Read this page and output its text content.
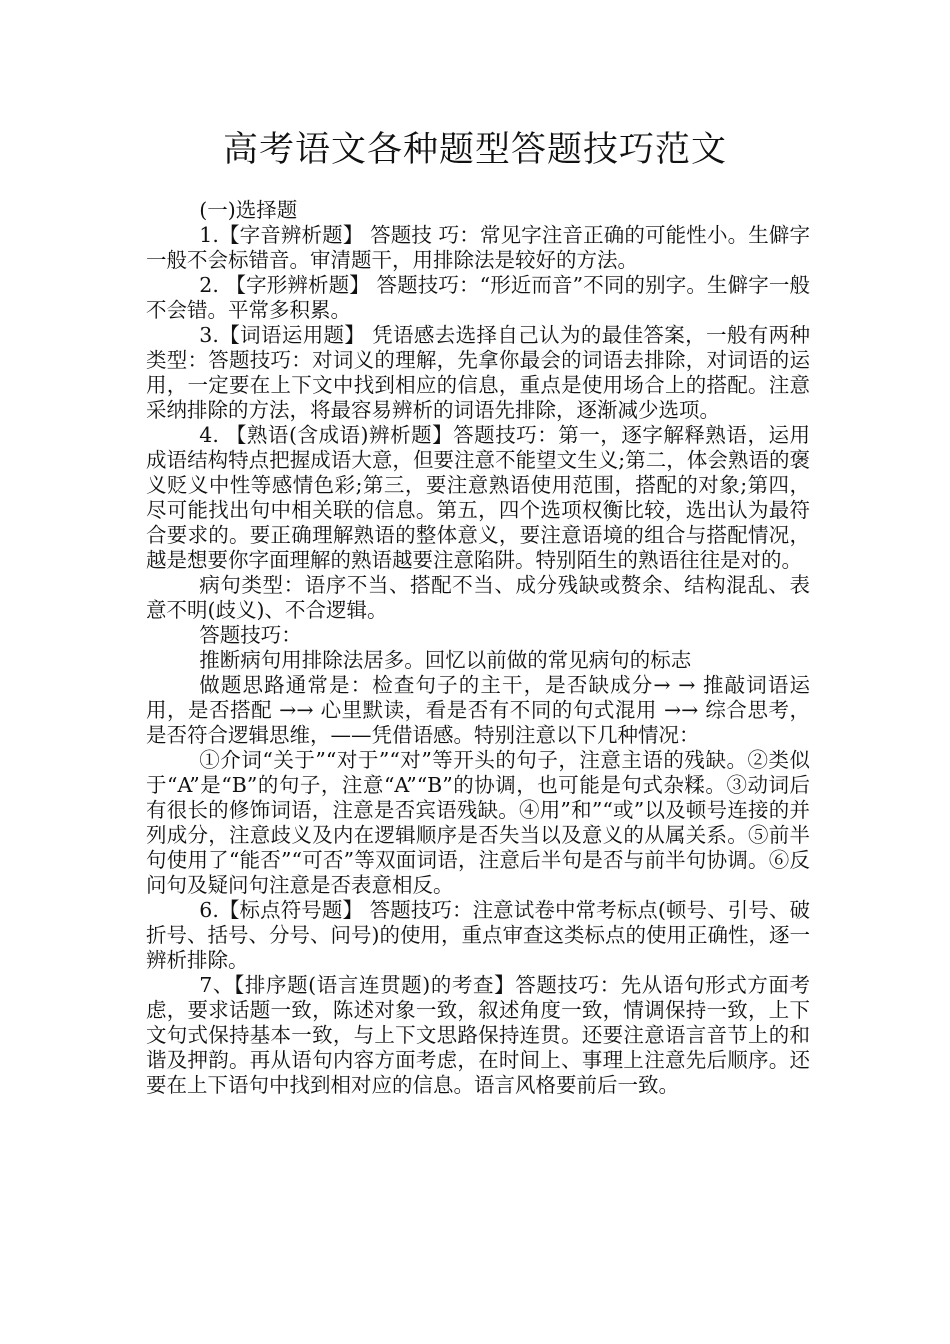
高考语文各种题型答题技巧范文

(一)选择题

1.【字音辨析题】 答题技 巧：常见字注音正确的可能性小。生僻字一般不会标错音。审清题干，用排除法是较好的方法。

2. 【字形辨析题】 答题技巧：“形近而音”不同的别字。生僻字一般不会错。平常多积累。

3.【词语运用题】 凭语感去选择自己认为的最佳答案，一般有两种类型：答题技巧：对词义的理解，先拿你最会的词语去排除，对词语的运用，一定要在上下文中找到相应的信息，重点是使用场合上的搭配。注意采纳排除的方法，将最容易辨析的词语先排除，逐渐减少选项。

4. 【熟语(含成语)辨析题】答题技巧：第一，逐字解释熟语，运用成语结构特点把握成语大意，但要注意不能望文生义;第二，体会熟语的褒义贬义中性等感情色彩;第三，要注意熟语使用范围，搭配的对象;第四，尽可能找出句中相关联的信息。第五，四个选项权衡比较，选出认为最符合要求的。要正确理解熟语的整体意义，要注意语境的组合与搭配情况，越是想要你字面理解的熟语越要注意陷阱。特别陌生的熟语往往是对的。

病句类型：语序不当、搭配不当、成分残缺或赘余、结构混乱、表意不明(歧义)、不合逻辑。

答题技巧：

推断病句用排除法居多。回忆以前做的常见病句的标志

做题思路通常是：检查句子的主干，是否缺成分→ → 推敲词语运用，是否搭配 →→ 心里默读，看是否有不同的句式混用 →→ 综合思考，是否符合逻辑思维，——凭借语感。特别注意以下几种情况：

①介词“关于”“对于”“对”等开头的句子，注意主语的残缺。②类似于“A”是“B”的句子，注意“A”“B”的协调，也可能是句式杂糅。③动词后有很长的修饰词语，注意是否宾语残缺。④用”和”“或”以及顿号连接的并列成分，注意歧义及内在逻辑顺序是否失当以及意义的从属关系。⑤前半句使用了“能否”“可否”等双面词语，注意后半句是否与前半句协调。⑥反问句及疑问句注意是否表意相反。

6.【标点符号题】 答题技巧：注意试卷中常考标点(顿号、引号、破折号、括号、分号、问号)的使用，重点审查这类标点的使用正确性，逐一辨析排除。

7、【排序题(语言连贯题)的考查】答题技巧：先从语句形式方面考虑，要求话题一致，陈述对象一致，叙述角度一致，情调保持一致，上下文句式保持基本一致，与上下文思路保持连贯。还要注意语言音节上的和谐及押韵。再从语句内容方面考虑，在时间上、事理上注意先后顺序。还要在上下语句中找到相对应的信息。语言风格要前后一致。
